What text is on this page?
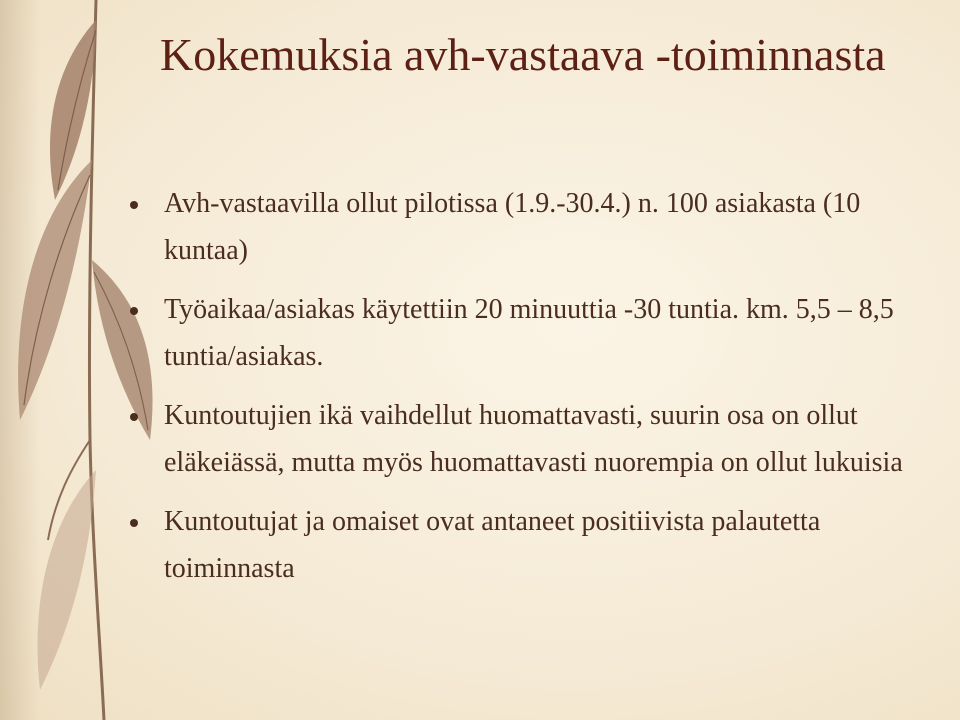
Kokemuksia avh-vastaava -toiminnasta
Avh-vastaavilla ollut pilotissa (1.9.-30.4.) n. 100 asiakasta (10 kuntaa)
Työaikaa/asiakas käytettiin 20 minuuttia -30 tuntia. km. 5,5 – 8,5 tuntia/asiakas.
Kuntoutujien ikä vaihdellut huomattavasti, suurin osa on ollut eläkeiässä, mutta myös huomattavasti nuorempia on ollut lukuisia
Kuntoutujat ja omaiset ovat antaneet positiivista palautetta toiminnasta
